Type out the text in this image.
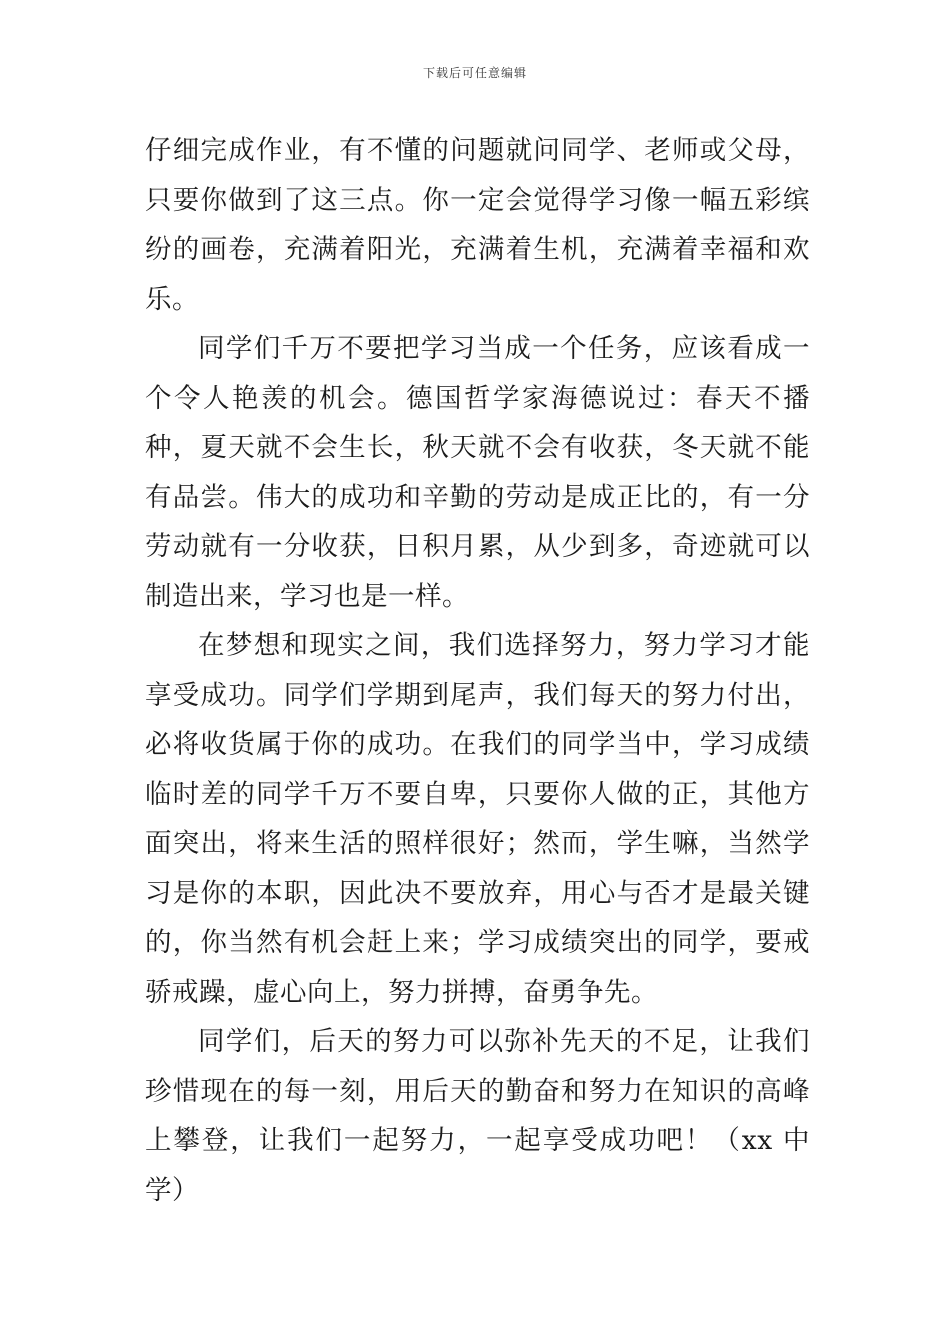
下载后可任意编辑

仔细完成作业，有不懂的问题就问同学、老师或父母，只要你做到了这三点。你一定会觉得学习像一幅五彩缤纷的画卷，充满着阳光，充满着生机，充满着幸福和欢乐。

同学们千万不要把学习当成一个任务，应该看成一个令人艳羡的机会。德国哲学家海德说过：春天不播种，夏天就不会生长，秋天就不会有收获，冬天就不能有品尝。伟大的成功和辛勤的劳动是成正比的，有一分劳动就有一分收获，日积月累，从少到多，奇迹就可以制造出来，学习也是一样。

在梦想和现实之间，我们选择努力，努力学习才能享受成功。同学们学期到尾声，我们每天的努力付出，必将收货属于你的成功。在我们的同学当中，学习成绩临时差的同学千万不要自卑，只要你人做的正，其他方面突出，将来生活的照样很好；然而，学生嘛，当然学习是你的本职，因此决不要放弃，用心与否才是最关键的，你当然有机会赶上来；学习成绩突出的同学，要戒骄戒躁，虚心向上，努力拼搏，奋勇争先。

同学们，后天的努力可以弥补先天的不足，让我们珍惜现在的每一刻，用后天的勤奋和努力在知识的高峰上攀登，让我们一起努力，一起享受成功吧！（xx 中学）
